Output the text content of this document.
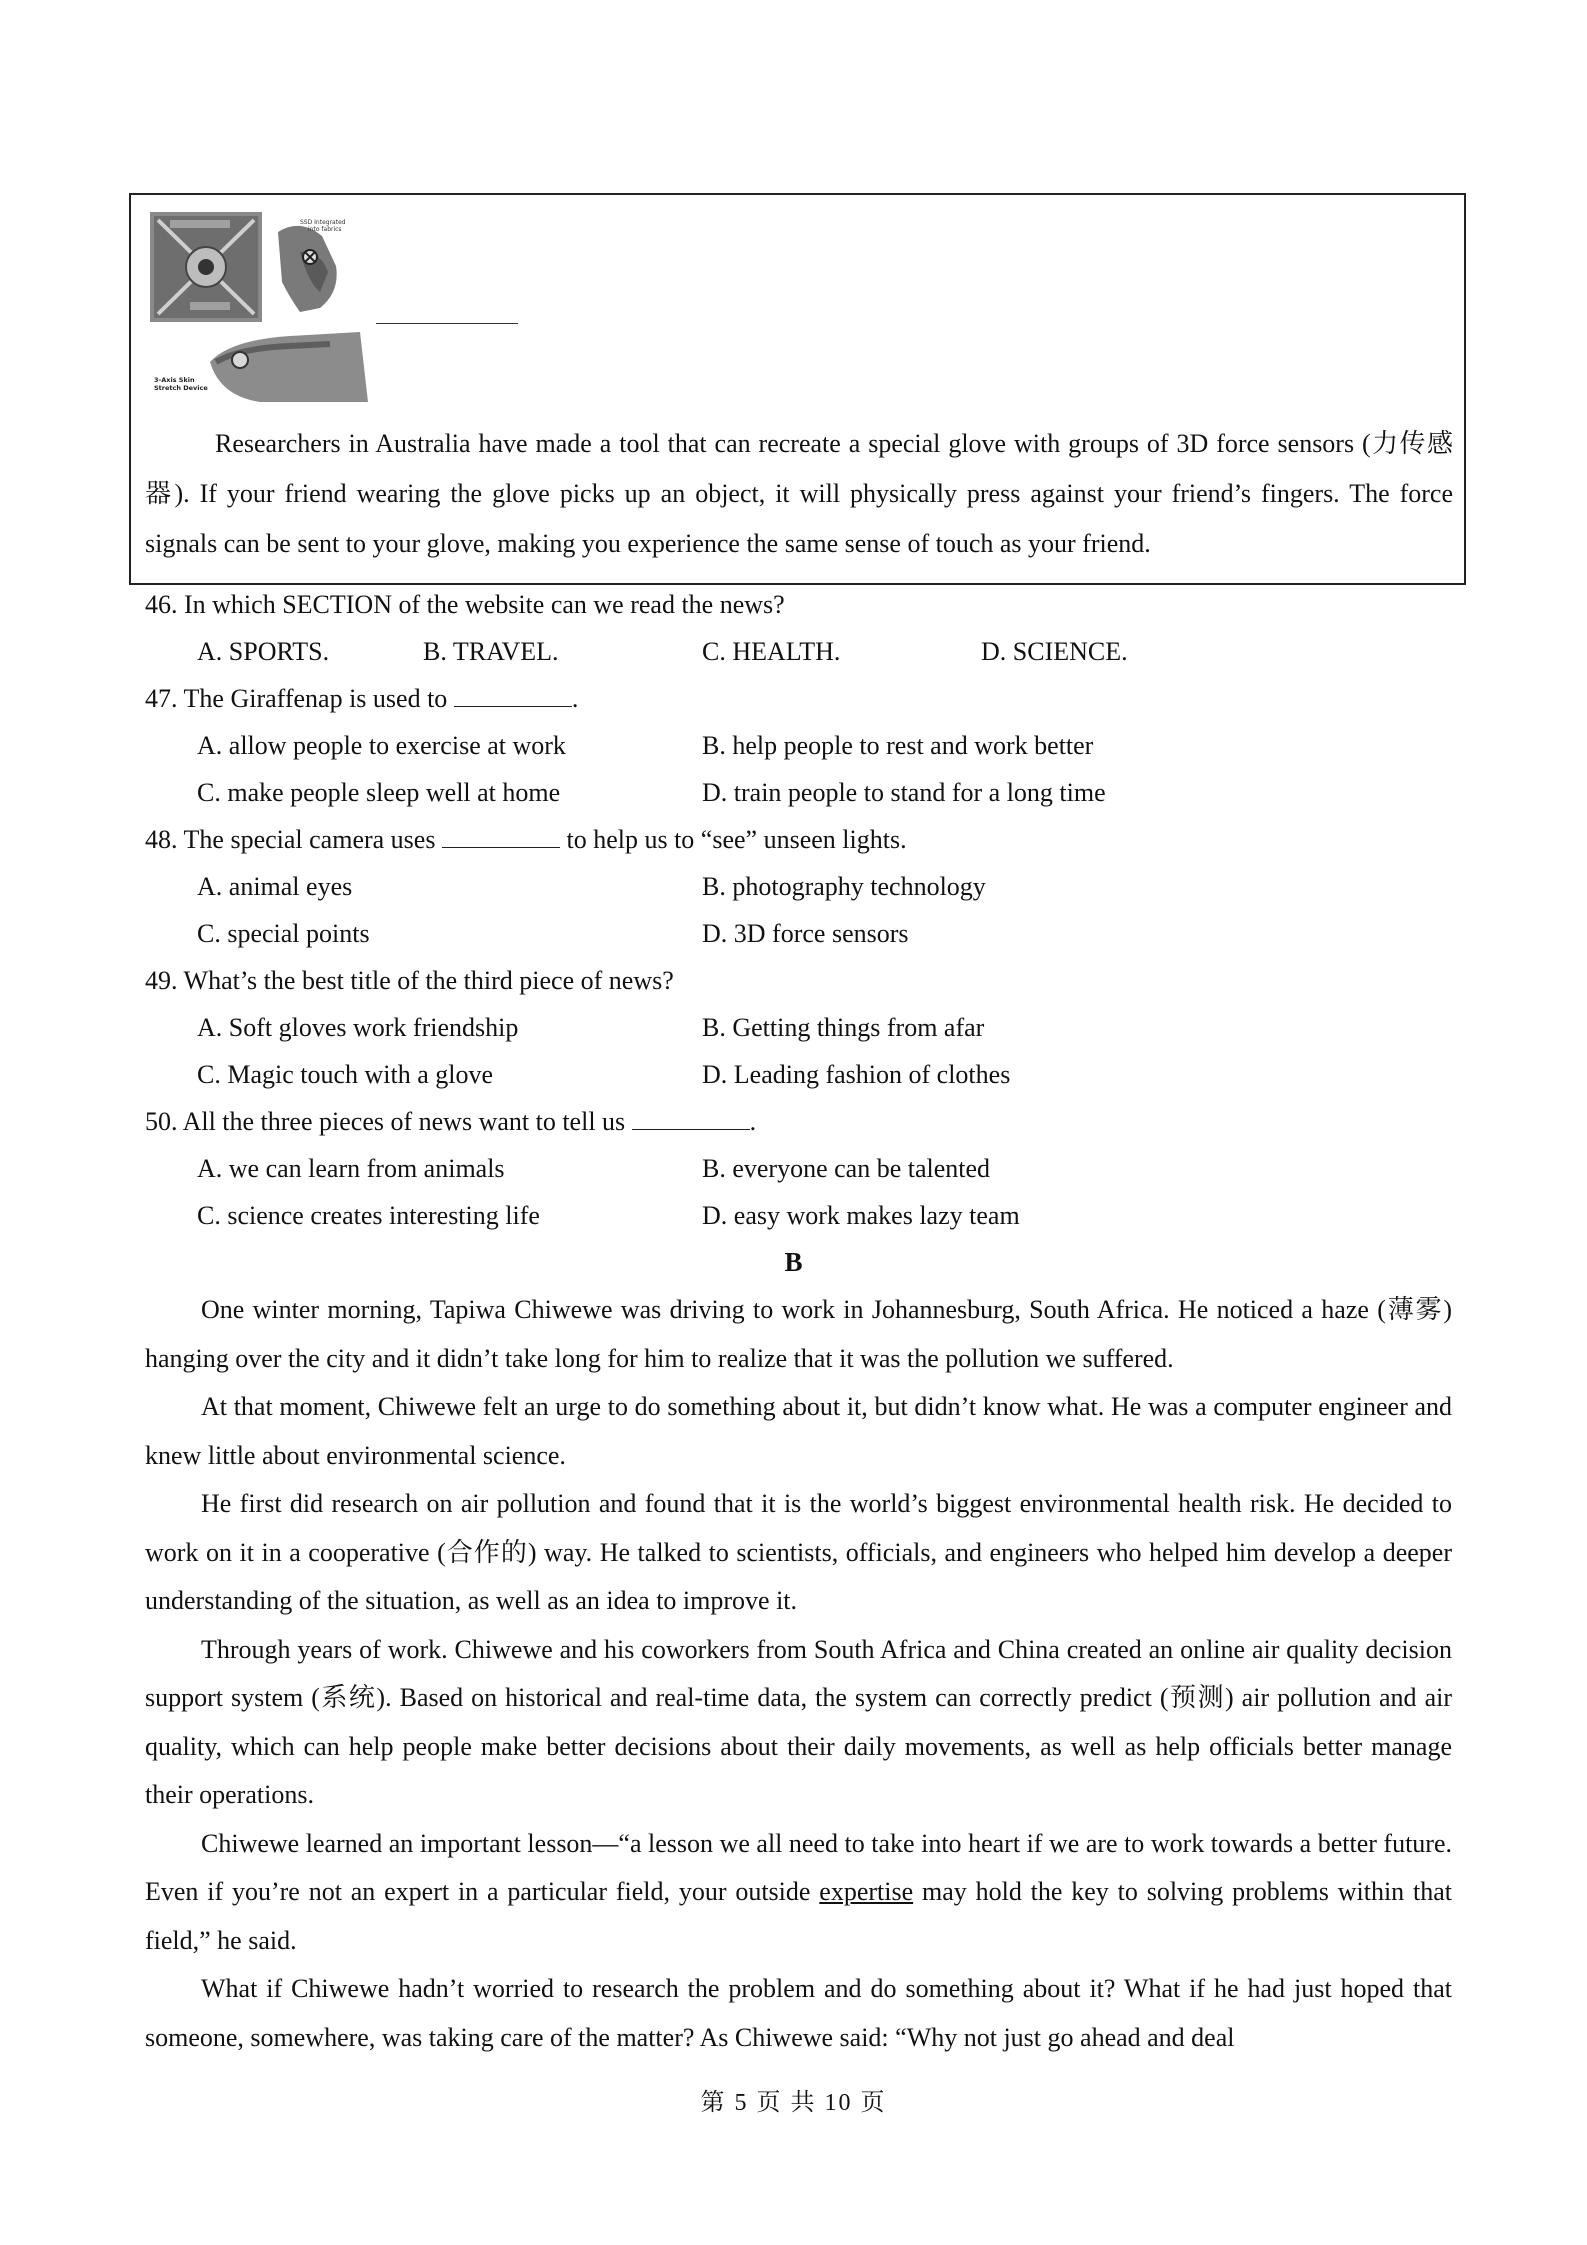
SSD Integrated
into fabrics
3-Axis Skin
Stretch Device
Researchers in Australia have made a tool that can recreate a special glove with groups of 3D force sensors (力传感器). If your friend wearing the glove picks up an object, it will physically press against your friend’s fingers. The force signals can be sent to your glove, making you experience the same sense of touch as your friend.
46. In which SECTION of the website can we read the news?
A. SPORTS.	B. TRAVEL.	C. HEALTH.	D. SCIENCE.
47. The Giraffenap is used to	.
A. allow people to exercise at work	B. help people to rest and work better
C. make people sleep well at home	D. train people to stand for a long time
48. The special camera uses	to help us to “see” unseen lights.
A. animal eyes	B. photography technology
C. special points	D. 3D force sensors
49. What’s the best title of the third piece of news?
A. Soft gloves work friendship	B. Getting things from afar
C. Magic touch with a glove	D. Leading fashion of clothes
50. All the three pieces of news want to tell us	.
A. we can learn from animals	B. everyone can be talented
C. science creates interesting life	D. easy work makes lazy team
B

One winter morning, Tapiwa Chiwewe was driving to work in Johannesburg, South Africa. He noticed a haze (薄雾) hanging over the city and it didn’t take long for him to realize that it was the pollution we suffered.

At that moment, Chiwewe felt an urge to do something about it, but didn’t know what. He was a computer engineer and knew little about environmental science.

He first did research on air pollution and found that it is the world’s biggest environmental health risk. He decided to work on it in a cooperative (合作的) way. He talked to scientists, officials, and engineers who helped him develop a deeper understanding of the situation, as well as an idea to improve it.

Through years of work. Chiwewe and his coworkers from South Africa and China created an online air quality decision support system (系统). Based on historical and real-time data, the system can correctly predict (预测) air pollution and air quality, which can help people make better decisions about their daily movements, as well as help officials better manage their operations.

Chiwewe learned an important lesson—“a lesson we all need to take into heart if we are to work towards a better future. Even if you’re not an expert in a particular field, your outside expertise may hold the key to solving problems within that field,” he said.

What if Chiwewe hadn’t worried to research the problem and do something about it? What if he had just hoped that someone, somewhere, was taking care of the matter? As Chiwewe said: “Why not just go ahead and deal

第 5 页 共 10 页
